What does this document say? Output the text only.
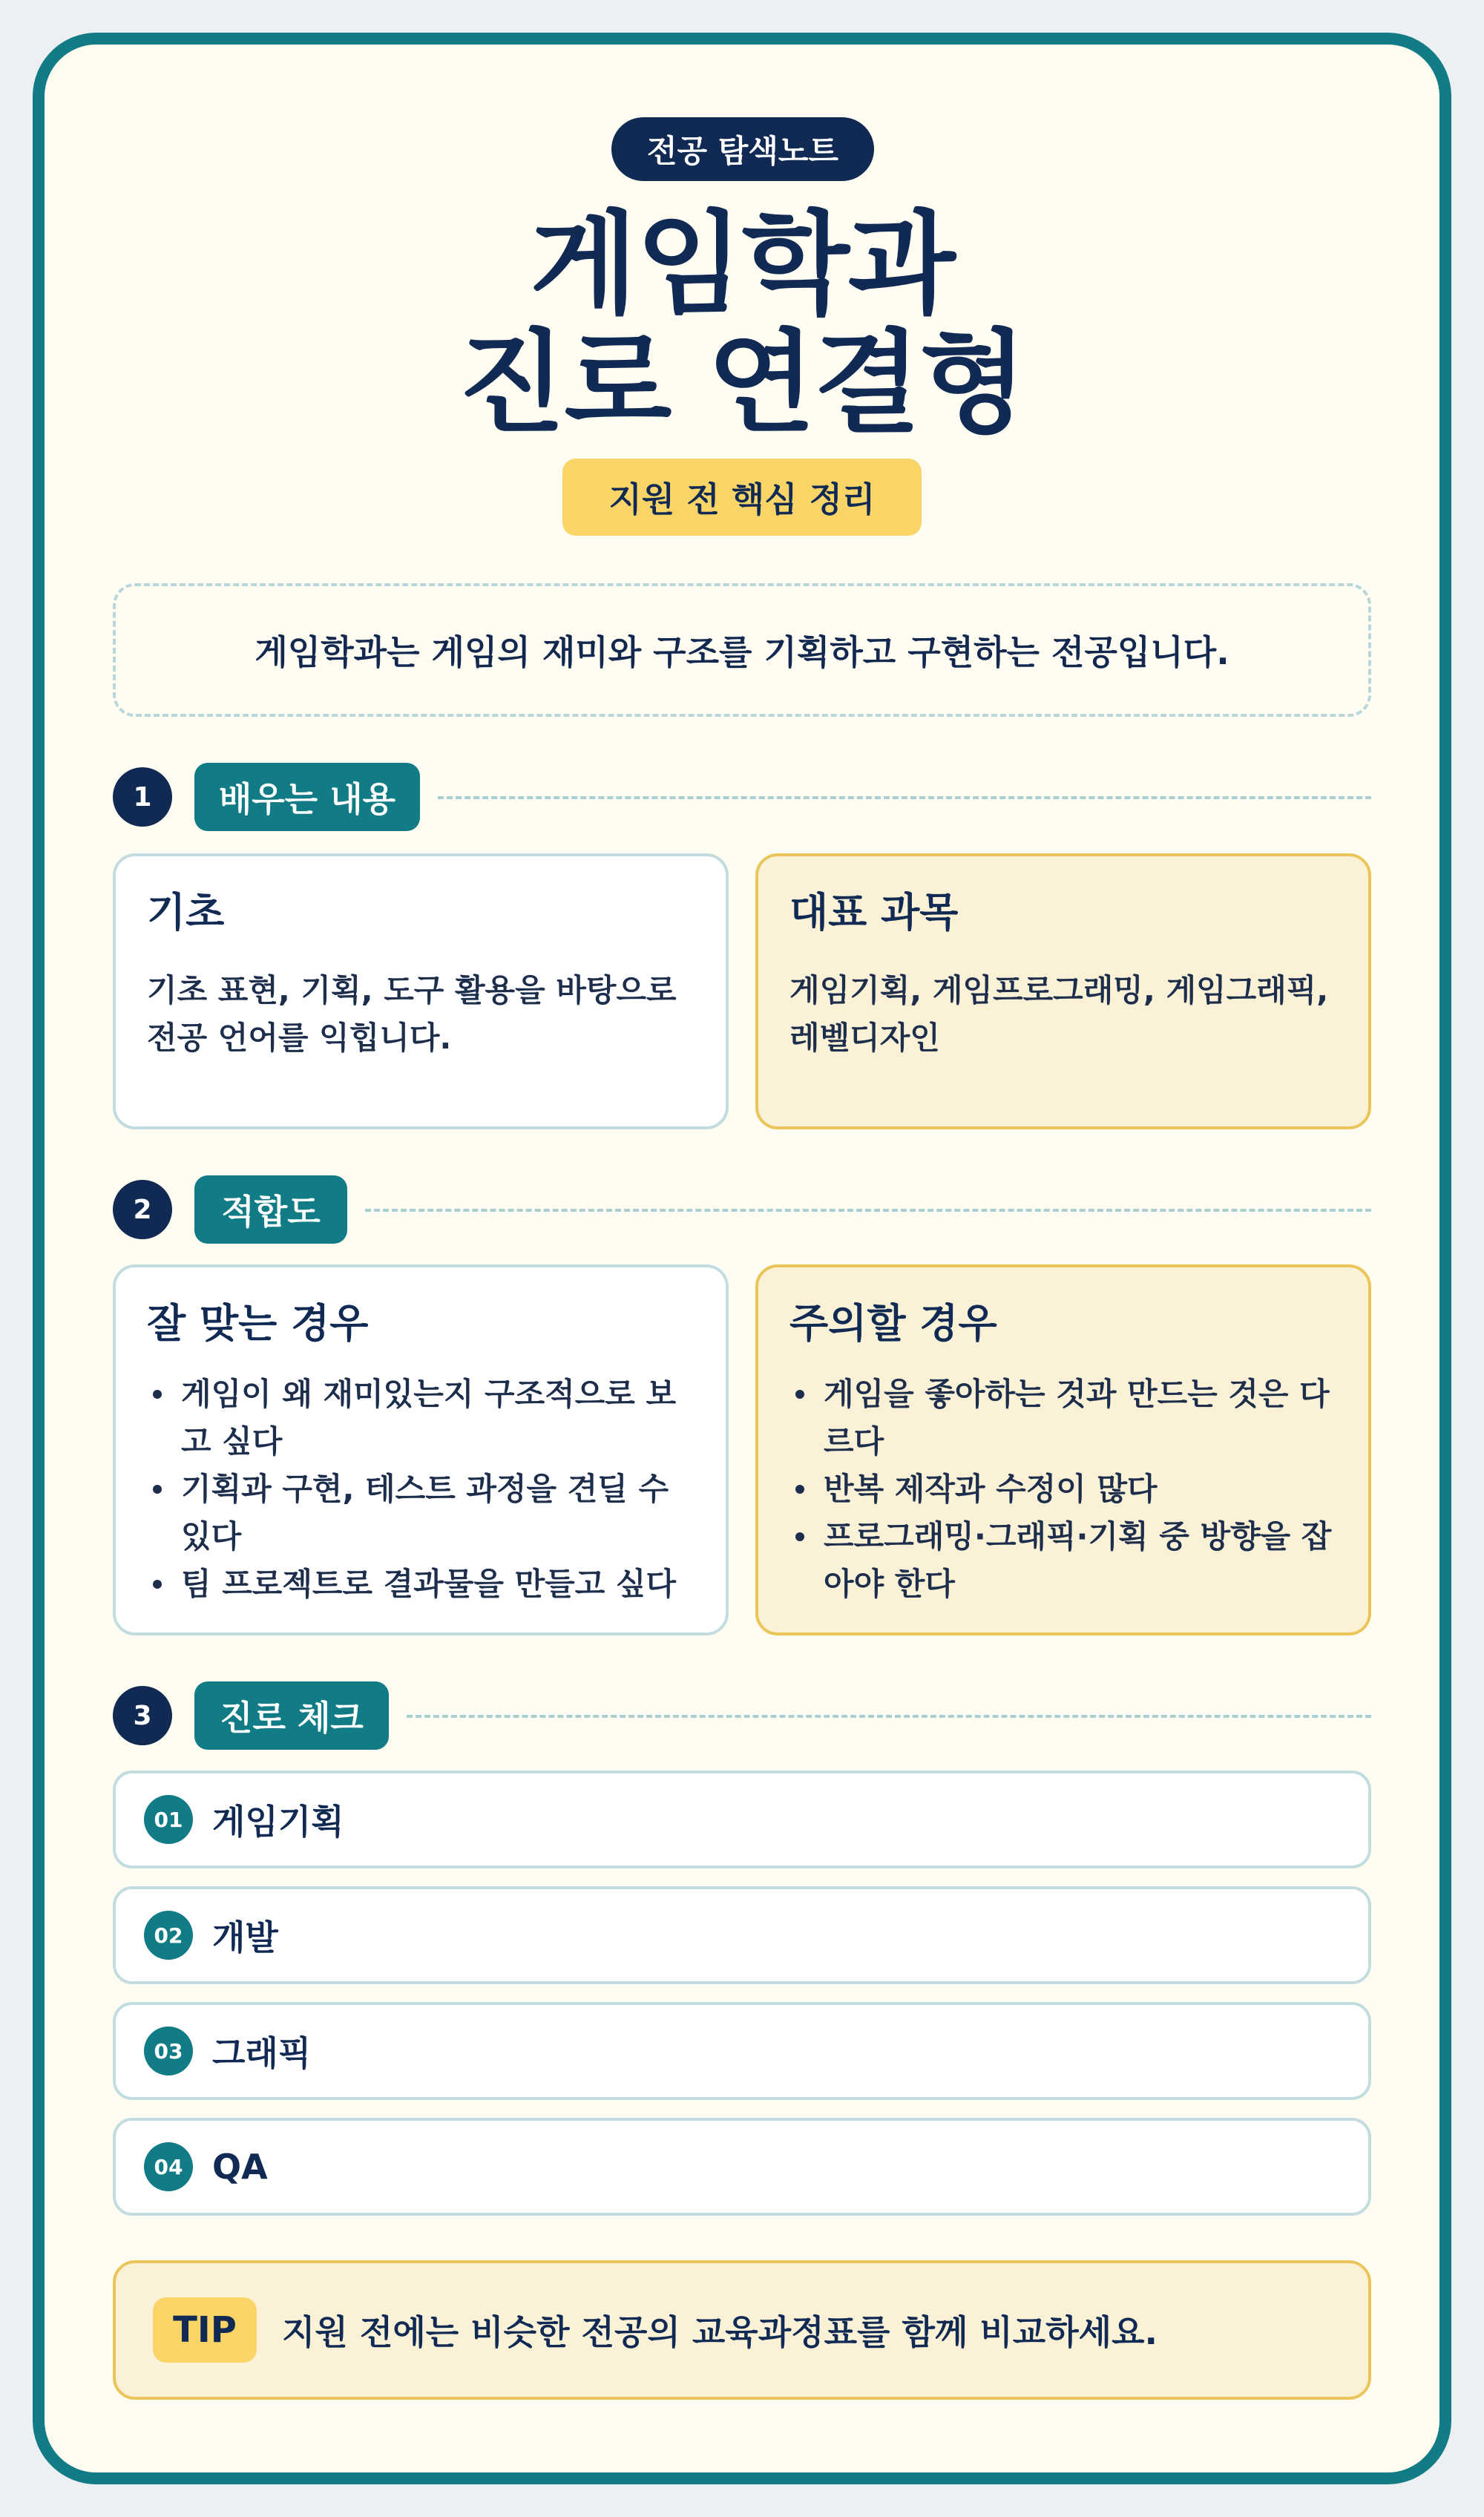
전공 탐색노트
게임학과
진로 연결형
지원 전 핵심 정리
게임학과는 게임의 재미와 구조를 기획하고 구현하는 전공입니다.
1	배우는 내용
기초
기초 표현, 기획, 도구 활용을 바탕으로 전공 언어를 익힙니다.
대표 과목
게임기획, 게임프로그래밍, 게임그래픽, 레벨디자인
2	적합도
잘 맞는 경우
게임이 왜 재미있는지 구조적으로 보고 싶다
기획과 구현, 테스트 과정을 견딜 수 있다
팀 프로젝트로 결과물을 만들고 싶다
주의할 경우
게임을 좋아하는 것과 만드는 것은 다르다
반복 제작과 수정이 많다
프로그래밍·그래픽·기획 중 방향을 잡아야 한다
3	진로 체크
01 게임기획
02 개발
03 그래픽
04 QA
TIP	지원 전에는 비슷한 전공의 교육과정표를 함께 비교하세요.
